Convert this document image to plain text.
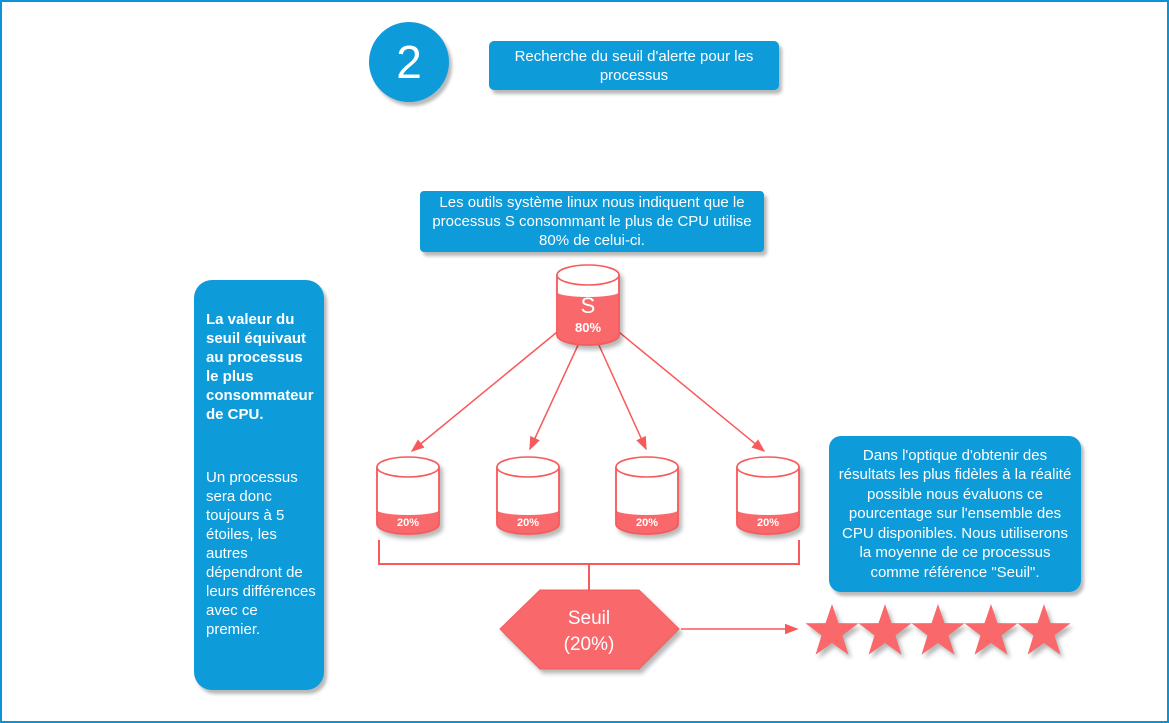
2	Recherche du seuil d'alerte pour les processus
Les outils système linux nous indiquent que le processus S consommant le plus de CPU utilise 80% de celui-ci.

La valeur du seuil équivaut au processus le plus consommateur de CPU.

Un processus sera donc toujours à 5 étoiles, les autres dépendront de leurs différences avec ce premier.

Dans l'optique d'obtenir des résultats les plus fidèles à la réalité possible nous évaluons ce pourcentage sur l'ensemble des CPU disponibles. Nous utiliserons la moyenne de ce processus comme référence "Seuil".
S
80%
20%	20%	20%	20%
Seuil
(20%)
